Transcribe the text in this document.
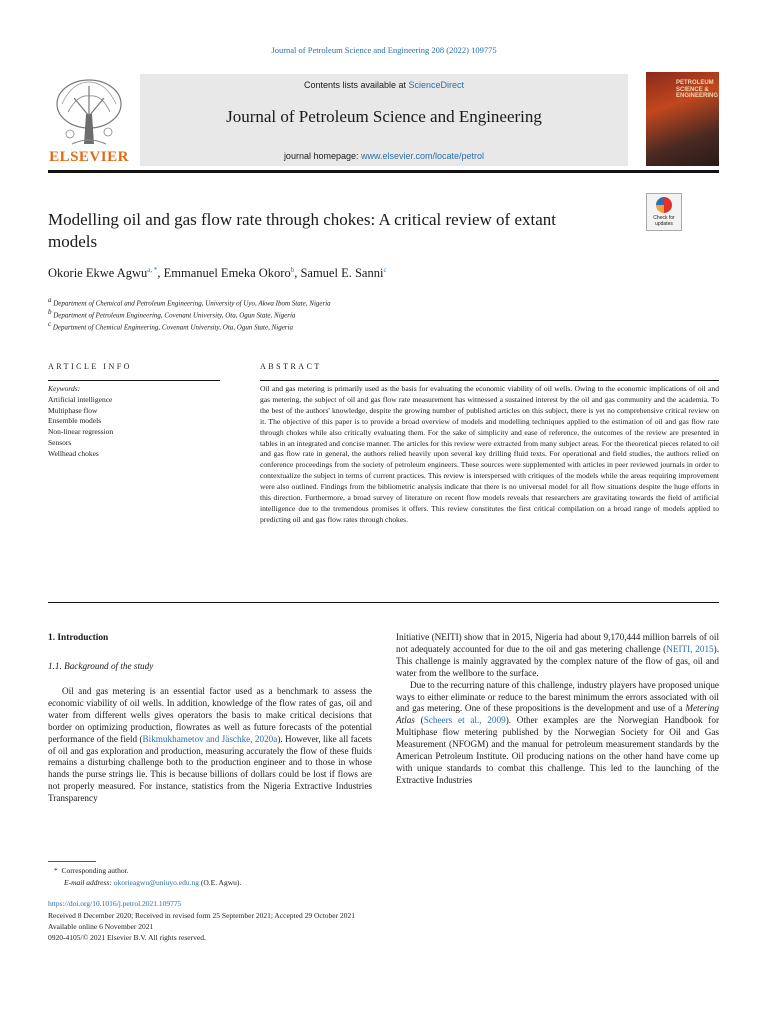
Journal of Petroleum Science and Engineering 208 (2022) 109775
ELSEVIER
Contents lists available at ScienceDirect
Journal of Petroleum Science and Engineering
journal homepage: www.elsevier.com/locate/petrol
PETROLEUM
SCIENCE &
ENGINEERING
Modelling oil and gas flow rate through chokes: A critical review of extant models
Check for updates
Okorie Ekwe Agwu$^{a, *}$, Emmanuel Emeka Okoro$^b$, Samuel E. Sanni$^c$
a Department of Chemical and Petroleum Engineering, University of Uyo, Akwa Ibom State, Nigeria
b Department of Petroleum Engineering, Covenant University, Ota, Ogun State, Nigeria
c Department of Chemical Engineering, Covenant University, Ota, Ogun State, Nigeria
ARTICLE INFO	ABSTRACT
Keywords:
Artificial intelligence
Multiphase flow
Ensemble models
Non-linear regression
Sensors
Wellhead chokes
Oil and gas metering is primarily used as the basis for evaluating the economic viability of oil wells. Owing to the economic implications of oil and gas metering, the subject of oil and gas flow rate measurement has witnessed a sustained interest by the oil and gas community and the academia. To the best of the authors' knowledge, despite the growing number of published articles on this subject, there is yet no comprehensive critical review on it. The objective of this paper is to provide a broad overview of models and modelling techniques applied to the estimation of oil and gas flow rate through chokes while also critically evaluating them. For the sake of simplicity and ease of reference, the outcomes of the review are presented in tables in an integrated and concise manner. The articles for this review were extracted from many subject areas. For the theoretical pieces related to oil and gas flow rate in general, the authors relied heavily upon several key drilling fluid texts. For operational and field studies, the authors relied on conference proceedings from the society of petroleum engineers. These sources were supplemented with articles in peer reviewed journals in order to contextualize the subject in terms of current practices. This review is interspersed with critiques of the models while the areas requiring improvement were also outlined. Findings from the bibliometric analysis indicate that there is no universal model for all flow situations despite the huge efforts in this direction. Furthermore, a broad survey of literature on recent flow models reveals that researchers are gravitating towards the field of artificial intelligence due to the tremendous promises it offers. This review constitutes the first critical compilation on a broad range of models applied to predicting oil and gas flow rates through chokes.
1. Introduction
1.1. Background of the study

Oil and gas metering is an essential factor used as a benchmark to assess the economic viability of oil wells. In addition, knowledge of the flow rates of gas, oil and water from different wells gives operators the basis to make critical decisions that border on optimizing production, flowrates as well as future forecasts of the potential performance of the field (Bikmukhametov and Jäschke, 2020a). However, like all facets of oil and gas exploration and production, measuring accurately the flow of these fluids remains a disturbing challenge both to the production engineer and to those in whose hands the purse strings lie. This is because billions of dollars could be lost if flows are not properly measured. For instance, statistics from the Nigeria Extractive Industries Transparency

Initiative (NEITI) show that in 2015, Nigeria had about 9,170,444 million barrels of oil not adequately accounted for due to the oil and gas metering challenge (NEITI, 2015). This challenge is mainly aggravated by the complex nature of the flow of gas, oil and water from the wellbore to the surface.

Due to the recurring nature of this challenge, industry players have proposed unique ways to either eliminate or reduce to the barest minimum the errors associated with oil and gas metering. One of these propositions is the development and use of a Metering Atlas (Scheers et al., 2009). Other examples are the Norwegian Handbook for Multiphase flow metering published by the Norwegian Society for Oil and Gas Measurement (NFOGM) and the manual for petroleum measurement standards by the American Petroleum Institute. Oil producing nations on the other hand have come up with unique standards to combat this challenge. This led to the launching of the Extractive Industries

*  Corresponding author.
E-mail address: okorieagwu@uniuyo.edu.ng (O.E. Agwu).
https://doi.org/10.1016/j.petrol.2021.109775
Received 8 December 2020; Received in revised form 25 September 2021; Accepted 29 October 2021
Available online 6 November 2021
0920-4105/© 2021 Elsevier B.V. All rights reserved.
